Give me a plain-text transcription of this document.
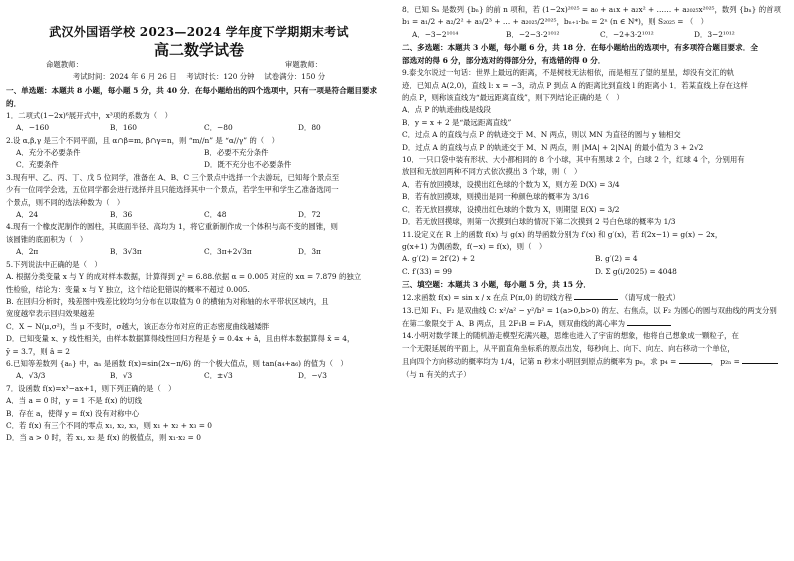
武汉外国语学校 2023—2024 学年度下学期期末考试
高二数学试卷
命题教师：	审题教师：
考试时间：2024 年 6 月 26 日　 考试时长：120 分钟　 试卷满分：150 分

一、单选题：本题共 8 小题，每小题 5 分，共 40 分．在每小题给出的四个选项中，只有一项是符合题目要求的．

1．二项式(1−2x)⁶展开式中，x³项的系数为（　）

A．−160	B．160	C．−80	D．80

2.设 α,β,γ 是三个不同平面，且 α∩β=m, β∩γ=n，则 “m//n” 是 “α//γ” 的（　）

A．充分不必要条件	B．必要不充分条件
C．充要条件	D．既不充分也不必要条件

3.现有甲、乙、丙、丁、戊 5 位同学，准备在 A、B、C 三个景点中选择一个去游玩，已知每个景点至

少有一位同学会选，五位同学都会进行选择并且只能选择其中一个景点，若学生甲和学生乙准备选同一

个景点，则不同的选法种数为（　）

A．24	B．36	C．48	D．72

4.现有一个橡皮泥制作的圆柱，其底面半径、高均为 1，将它重新制作成一个体积与高不变的圆锥，则

该圆锥的底面积为（　）

A．2π	B．3√3π	C．3π+2√3π	D．3π

5.下列说法中正确的是（　）

A. 根据分类变量 x 与 Y 的成对样本数据，计算得到 χ² = 6.88.依据 α = 0.005 对应的 xα = 7.879 的独立

性检验，结论为：变量 x 与 Y 独立，这个结论犯错误的概率不超过 0.005.

B. 在回归分析时，残差图中残差比较均匀分布在以取值为 0 的横轴为对称轴的水平带状区域内，且

宽度越窄表示回归效果越差

C．X ~ N(μ,σ²)，当 μ 不变时，σ越大，该正态分布对应的正态密度曲线越矮胖

D．已知变量 x、y 线性相关，由样本数据算得线性回归方程是 ŷ = 0.4x + â，且由样本数据算得 x̄ = 4，

ȳ = 3.7，则 â = 2

6.已知等差数列 {aₙ} 中，aₙ 是函数 f(x)=sin(2x−π/6) 的一个极大值点，则 tan(a₄+a₆) 的值为（　）

A．√3/3	B．√3	C．±√3	D．−√3

7．设函数 f(x)=x³−ax+1，则下列正确的是（　）

A．当 a = 0 时，y = 1 不是 f(x) 的切线

B．存在 a，使得 y = f(x) 没有对称中心

C．若 f(x) 有三个不同的零点 x₁, x₂, x₃，则 x₁ + x₂ + x₃ = 0

D．当 a > 0 时，若 x₁, x₂ 是 f(x) 的极值点，则 x₁·x₂ = 0

8．已知 Sₙ 是数列 {bₙ} 的前 n 项和，若 (1−2x)²⁰²⁵ = a₀ + a₁x + a₂x² + …… + a₂₀₂₅x²⁰²⁵，数列 {bₙ} 的首项

b₁ = a₁/2 + a₂/2² + a₃/2³ + … + a₂₀₂₅/2²⁰²⁵，bₙ₊₁·bₙ = 2ⁿ (n ∈ N*)，则 S₂₀₂₅ = （　）

A．−3−2¹⁰¹⁴	B．−2−3·2¹⁰¹²	C．−2+3·2¹⁰¹²	D．3−2¹⁰¹²

二、多选题：本题共 3 小题，每小题 6 分，共 18 分．在每小题给出的选项中，有多项符合题目要求．全

部选对的得 6 分，部分选对的得部分分，有选错的得 0 分．

9.泰戈尔说过一句话：世界上最远的距离，不是树枝无法相依，而是相互了望的星星，却没有交汇的轨

迹．已知点 A(2,0)，直线 l: x = −3，动点 P 到点 A 的距离比到直线 l 的距离小 1．若某直线上存在这样

的点 P，则称该直线为“最远距离直线”，则下列结论正确的是（　）

A．点 P 的轨迹曲线是线段

B．y = x + 2 是“最远距离直线”

C．过点 A 的直线与点 P 的轨迹交于 M、N 两点，则以 MN 为直径的圆与 y 轴相交

D．过点 A 的直线与点 P 的轨迹交于 M、N 两点，则 |MA| + 2|NA| 的最小值为 3 + 2√2

10．一只口袋中装有形状、大小都相同的 8 个小球，其中有黑球 2 个，白球 2 个，红球 4 个，分别用有

放回和无放回两种不同方式依次摸出 3 个球，则（　）

A．若有放回摸球，设摸出红色球的个数为 X，则方差 D(X) = 3/4

B．若有放回摸球，则摸出是同一种颜色球的概率为 3/16

C．若无放回摸球，设摸出红色球的个数为 X，则期望 E(X) = 3/2

D．若无放回摸球，则第一次摸到白球的情况下第二次摸到 2 号白色球的概率为 1/3

11.设定义在 R 上的函数 f(x) 与 g(x) 的导函数分别为 f′(x) 和 g′(x)，若 f(2x−1) = g(x) − 2x，

g(x+1) 为偶函数，f(−x) = f(x)，则（　）

A. g′(2) = 2f′(2) + 2	B. g′(2) = 4
C. f′(33) = 99	D. Σ g(i/2025) = 4048

三、填空题：本题共 3 小题，每小题 5 分，共 15 分．

12.求函数 f(x) = sin x / x 在点 P(π,0) 的切线方程	（请写成一般式）

13.已知 F₁、F₂ 是双曲线 C: x²/a² − y²/b² = 1(a>0,b>0) 的左、右焦点，以 F₂ 为圆心的圆与双曲线的两支分别

在第二象限交于 A、B 两点，且 2F₁B = F₁A，则双曲线的离心率为

14.小明对数学课上的随机游走模型充满兴趣，思维也进入了宇宙的想象，他将自己想象成一颗粒子，在

一个无限延展的平面上，从平面直角坐标系的原点出发，每秒向上、向下、向左、向右移动一个单位，

且向四个方向移动的概率均为 1/4，记第 n 秒末小明回到原点的概率为 pₙ，求 p₄ =	， p₂ₙ =

（与 n 有关的式子）
